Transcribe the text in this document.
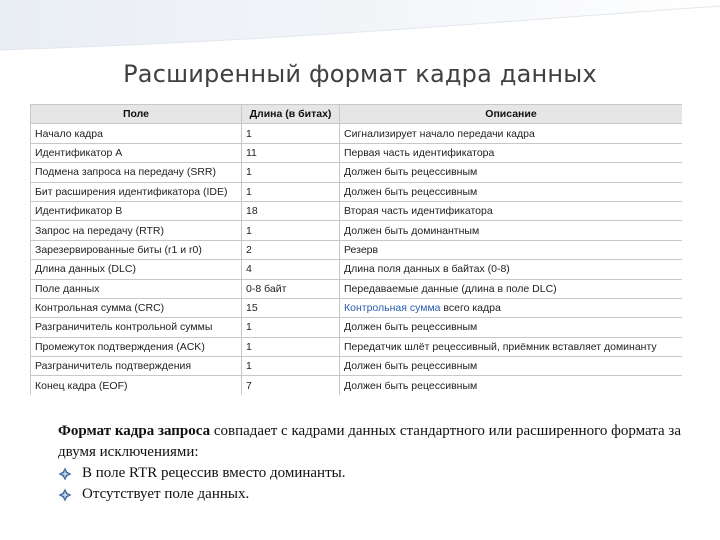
Расширенный формат кадра данных
Поле	Длина (в битах)	Описание
Начало кадра	1	Сигнализирует начало передачи кадра
Идентификатор A	11	Первая часть идентификатора
Подмена запроса на передачу (SRR)	1	Должен быть рецессивным
Бит расширения идентификатора (IDE)	1	Должен быть рецессивным
Идентификатор B	18	Вторая часть идентификатора
Запрос на передачу (RTR)	1	Должен быть доминантным
Зарезервированные биты (r1 и r0)	2	Резерв
Длина данных (DLC)	4	Длина поля данных в байтах (0-8)
Поле данных	0-8 байт	Передаваемые данные (длина в поле DLC)
Контрольная сумма (CRC)	15	Контрольная сумма всего кадра
Разграничитель контрольной суммы	1	Должен быть рецессивным
Промежуток подтверждения (ACK)	1	Передатчик шлёт рецессивный, приёмник вставляет доминанту
Разграничитель подтверждения	1	Должен быть рецессивным
Конец кадра (EOF)	7	Должен быть рецессивным
Формат кадра запроса совпадает с кадрами данных стандартного или расширенного формата за двумя исключениями:
В поле RTR рецессив вместо доминанты.
Отсутствует поле данных.
